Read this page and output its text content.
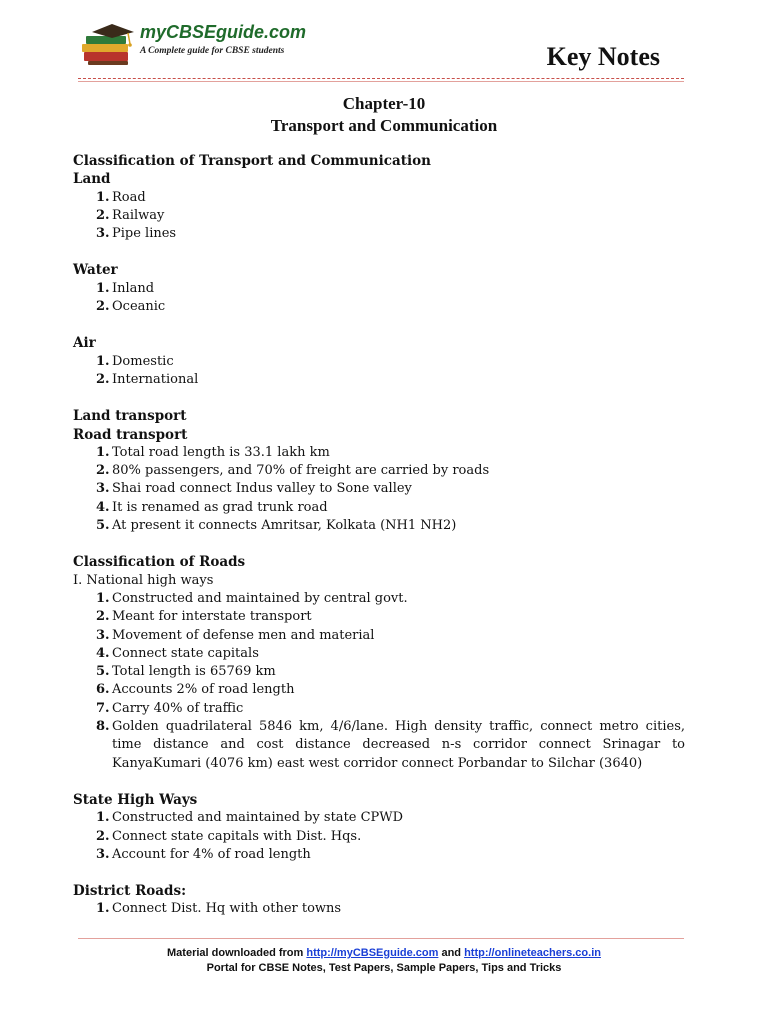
myCBSEguide.com
A Complete guide for CBSE students	Key Notes
Chapter-10
Transport and Communication
Classification of Transport and Communication
Land
1. Road
2. Railway
3. Pipe lines
Water
1. Inland
2. Oceanic
Air
1. Domestic
2. International
Land transport
Road transport
1. Total road length is 33.1 lakh km
2. 80% passengers, and 70% of freight are carried by roads
3. Shai road connect Indus valley to Sone valley
4. It is renamed as grad trunk road
5. At present it connects Amritsar, Kolkata (NH1 NH2)
Classification of Roads
I. National high ways
1. Constructed and maintained by central govt.
2. Meant for interstate transport
3. Movement of defense men and material
4. Connect state capitals
5. Total length is 65769 km
6. Accounts 2% of road length
7. Carry 40% of traffic
8. Golden quadrilateral 5846 km, 4/6/lane. High density traffic, connect metro cities, time distance and cost distance decreased n-s corridor connect Srinagar to KanyaKumari (4076 km) east west corridor connect Porbandar to Silchar (3640)
State High Ways
1. Constructed and maintained by state CPWD
2. Connect state capitals with Dist. Hqs.
3. Account for 4% of road length
District Roads:
1. Connect Dist. Hq with other towns
Material downloaded from http://myCBSEguide.com and http://onlineteachers.co.in
Portal for CBSE Notes, Test Papers, Sample Papers, Tips and Tricks
